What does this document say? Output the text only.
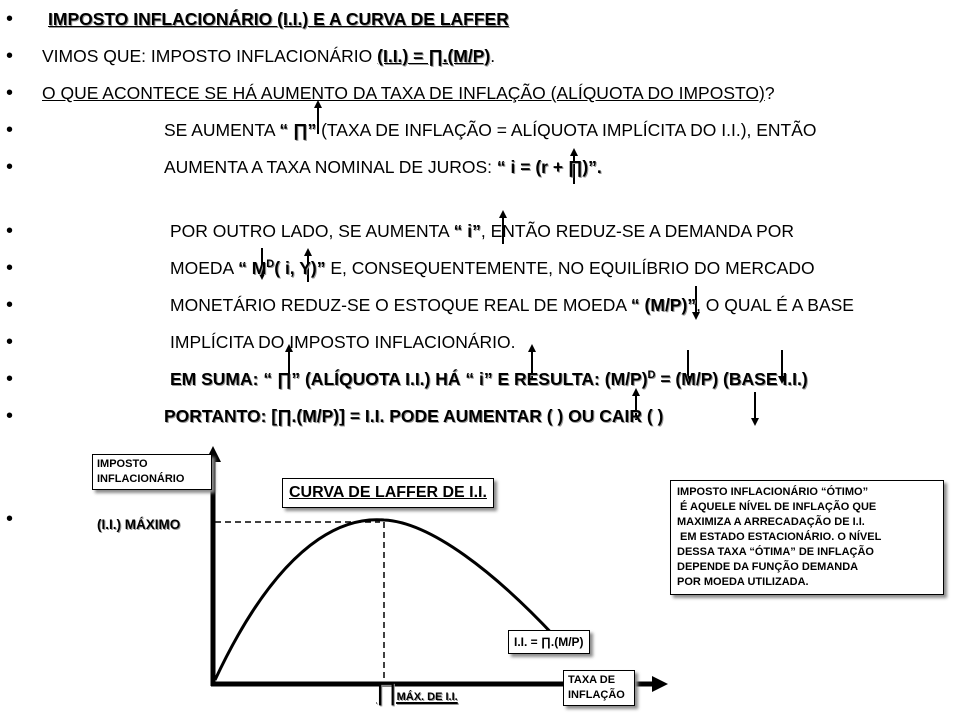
• IMPOSTO INFLACIONÁRIO (I.I.) E A CURVA DE LAFFER
• VIMOS QUE: IMPOSTO INFLACIONÁRIO (I.I.) = ∏.(M/P).
• O QUE ACONTECE SE HÁ AUMENTO DA TAXA DE INFLAÇÃO (ALÍQUOTA DO IMPOSTO)?
•	SE AUMENTA “ ∏” (TAXA DE INFLAÇÃO = ALÍQUOTA IMPLÍCITA DO I.I.), ENTÃO
•	AUMENTA A TAXA NOMINAL DE JUROS: “ i = (r + ∏)”.
•	POR OUTRO LADO, SE AUMENTA “ i”, ENTÃO REDUZ-SE A DEMANDA POR
•	MOEDA “ $M^D$( i, Y)” E, CONSEQUENTEMENTE, NO EQUILÍBRIO DO MERCADO
•	MONETÁRIO REDUZ-SE O ESTOQUE REAL DE MOEDA “ (M/P)”, O QUAL É A BASE
•	IMPLÍCITA DO IMPOSTO INFLACIONÁRIO.
•	EM SUMA: “ ∏” (ALÍQUOTA I.I.) HÁ “ i” E RESULTA: $(M/P)^D = (M/P)$ (BASE I.I.)
•	PORTANTO: [∏.(M/P)] = I.I. PODE AUMENTAR ( ) OU CAIR ( )
•
IMPOSTO
INFLACIONÁRIO
CURVA DE LAFFER DE I.I.
(I.I.) MÁXIMO
I.I. = ∏.(M/P)
TAXA DE
INFLAÇÃO
∏MÁX. DE I.I.
IMPOSTO INFLACIONÁRIO “ÓTIMO”
É AQUELE NÍVEL DE INFLAÇÃO QUE
MAXIMIZA A ARRECADAÇÃO DE I.I.
EM ESTADO ESTACIONÁRIO. O NÍVEL
DESSA TAXA “ÓTIMA” DE INFLAÇÃO
DEPENDE DA FUNÇÃO DEMANDA
POR MOEDA UTILIZADA.
